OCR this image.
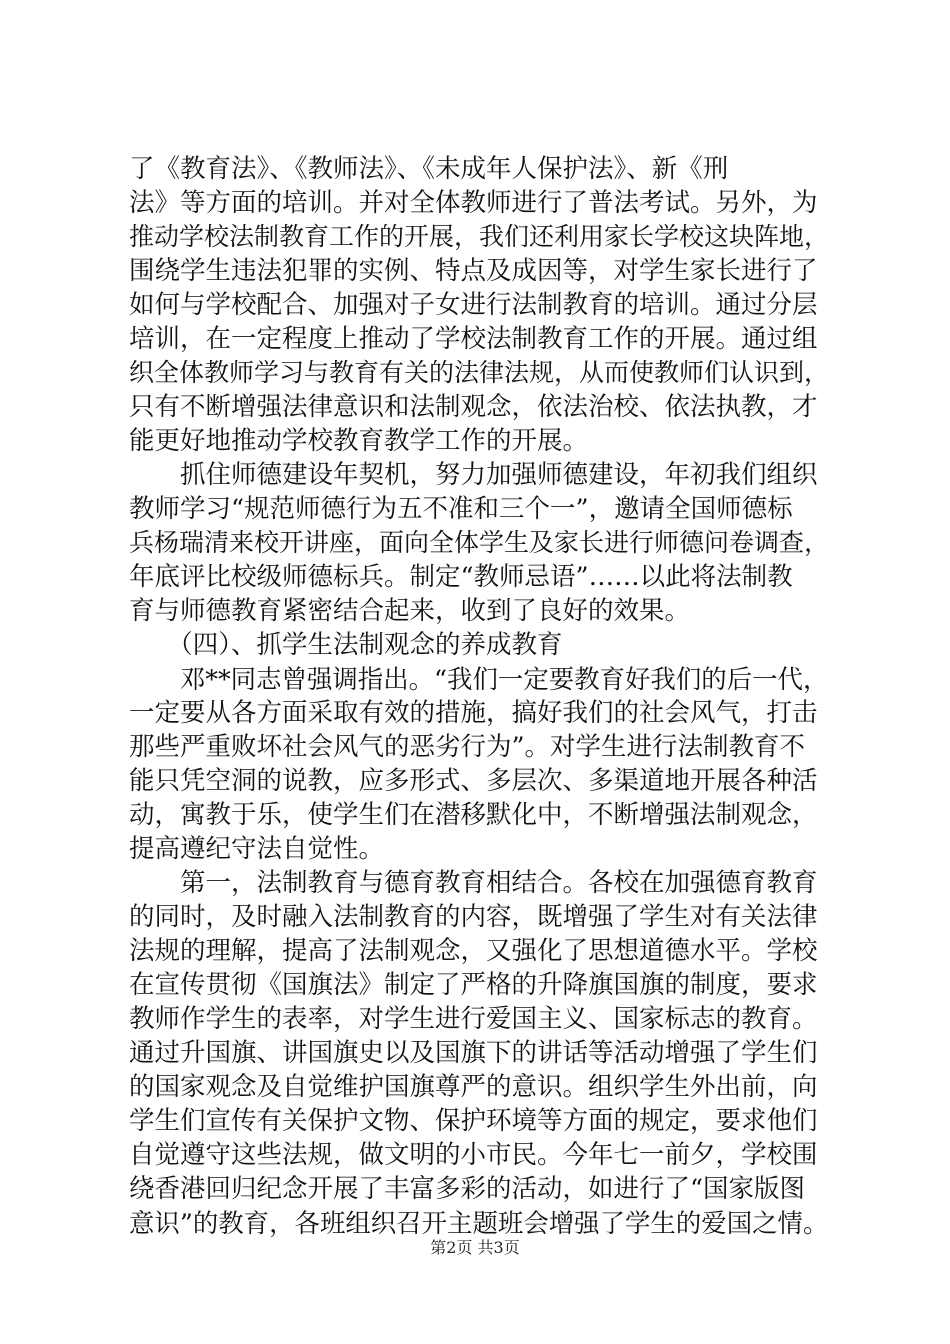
了《教育法》、《教师法》、《未成年人保护法》、新《刑
法》等方面的培训。并对全体教师进行了普法考试。另外，为
推动学校法制教育工作的开展，我们还利用家长学校这块阵地，
围绕学生违法犯罪的实例、特点及成因等，对学生家长进行了
如何与学校配合、加强对子女进行法制教育的培训。通过分层
培训，在一定程度上推动了学校法制教育工作的开展。通过组
织全体教师学习与教育有关的法律法规，从而使教师们认识到，
只有不断增强法律意识和法制观念，依法治校、依法执教，才
能更好地推动学校教育教学工作的开展。
　　抓住师德建设年契机，努力加强师德建设，年初我们组织
教师学习“规范师德行为五不准和三个一”，邀请全国师德标
兵杨瑞清来校开讲座，面向全体学生及家长进行师德问卷调查，
年底评比校级师德标兵。制定“教师忌语”……以此将法制教
育与师德教育紧密结合起来，收到了良好的效果。
　　（四）、抓学生法制观念的养成教育
　　邓**同志曾强调指出。“我们一定要教育好我们的后一代，
一定要从各方面采取有效的措施，搞好我们的社会风气，打击
那些严重败坏社会风气的恶劣行为”。对学生进行法制教育不
能只凭空洞的说教，应多形式、多层次、多渠道地开展各种活
动，寓教于乐，使学生们在潜移默化中，不断增强法制观念，
提高遵纪守法自觉性。
　　第一，法制教育与德育教育相结合。各校在加强德育教育
的同时，及时融入法制教育的内容，既增强了学生对有关法律
法规的理解，提高了法制观念，又强化了思想道德水平。学校
在宣传贯彻《国旗法》制定了严格的升降旗国旗的制度，要求
教师作学生的表率，对学生进行爱国主义、国家标志的教育。
通过升国旗、讲国旗史以及国旗下的讲话等活动增强了学生们
的国家观念及自觉维护国旗尊严的意识。组织学生外出前，向
学生们宣传有关保护文物、保护环境等方面的规定，要求他们
自觉遵守这些法规，做文明的小市民。今年七一前夕，学校围
绕香港回归纪念开展了丰富多彩的活动，如进行了“国家版图
意识”的教育，各班组织召开主题班会增强了学生的爱国之情。
第2页 共3页
